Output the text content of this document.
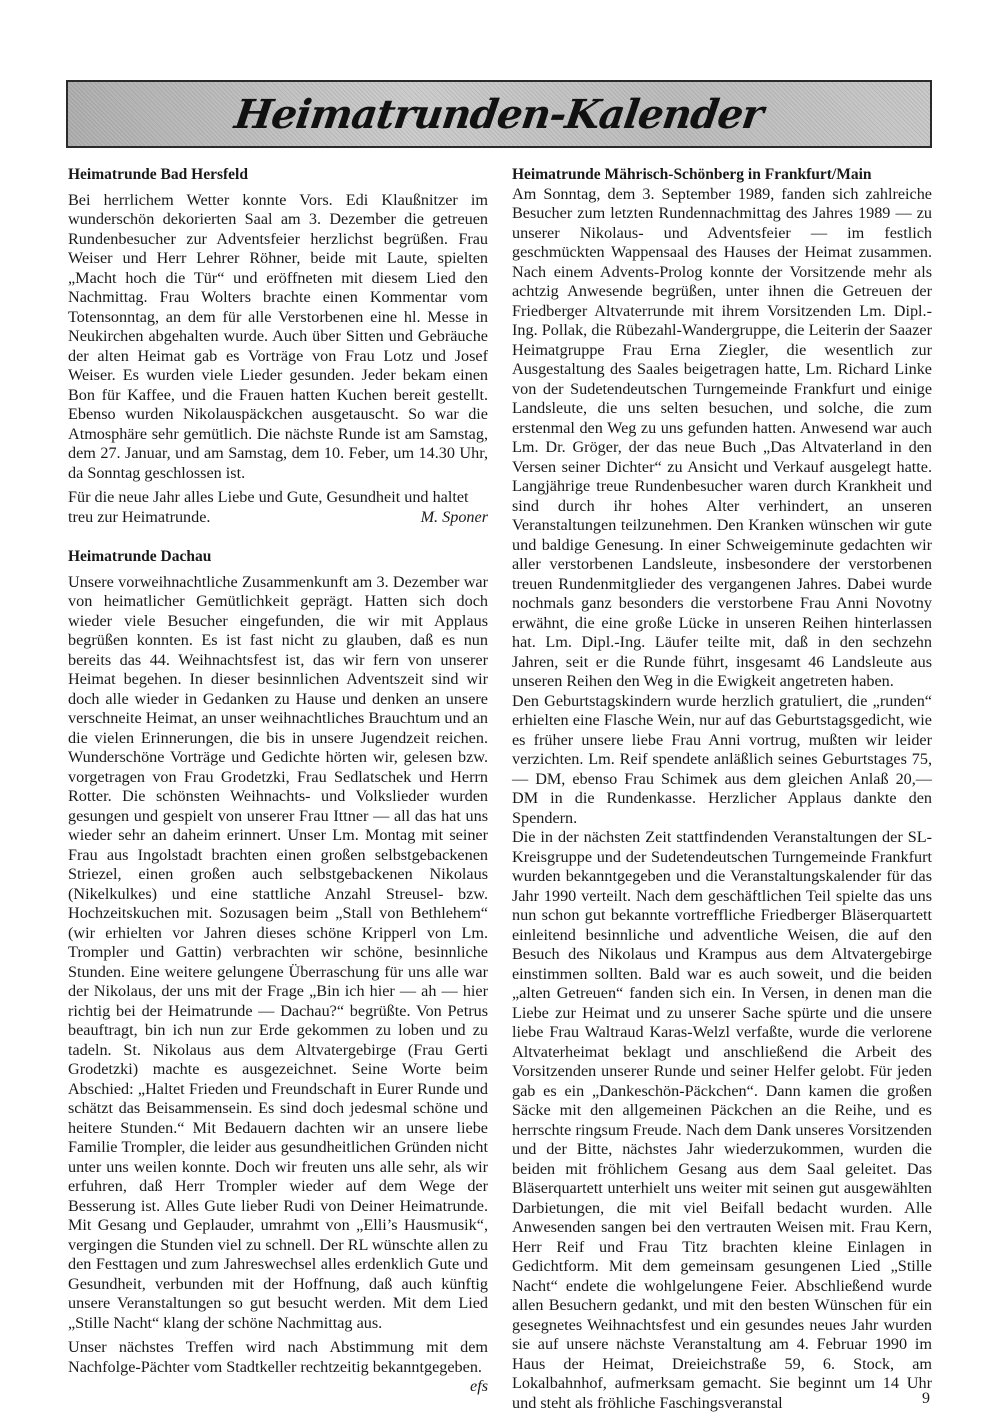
Heimatrunden-Kalender
Heimatrunde Bad Hersfeld

Bei herrlichem Wetter konnte Vors. Edi Klaußnitzer im wunderschön dekorierten Saal am 3. Dezember die getreuen Rundenbesucher zur Adventsfeier herzlichst begrüßen. Frau Weiser und Herr Lehrer Röhner, beide mit Laute, spielten „Macht hoch die Tür“ und eröffneten mit diesem Lied den Nachmittag. Frau Wolters brachte einen Kommentar vom Totensonntag, an dem für alle Verstorbenen eine hl. Messe in Neukirchen abgehalten wurde. Auch über Sitten und Gebräuche der alten Heimat gab es Vorträge von Frau Lotz und Josef Weiser. Es wurden viele Lieder gesunden. Jeder bekam einen Bon für Kaffee, und die Frauen hatten Kuchen bereit gestellt. Ebenso wurden Nikolauspäckchen ausgetauscht. So war die Atmosphäre sehr gemütlich. Die nächste Runde ist am Samstag, dem 27. Januar, und am Samstag, dem 10. Feber, um 14.30 Uhr, da Sonntag geschlossen ist.

Für die neue Jahr alles Liebe und Gute, Gesundheit und haltet

treu zur Heimatrunde.	M. Sponer
Heimatrunde Dachau

Unsere vorweihnachtliche Zusammenkunft am 3. Dezember war von heimatlicher Gemütlichkeit geprägt. Hatten sich doch wieder viele Besucher eingefunden, die wir mit Applaus begrüßen konnten. Es ist fast nicht zu glauben, daß es nun bereits das 44. Weihnachtsfest ist, das wir fern von unserer Heimat begehen. In dieser besinnlichen Adventszeit sind wir doch alle wieder in Gedanken zu Hause und denken an unsere verschneite Heimat, an unser weihnachtliches Brauchtum und an die vielen Erinnerungen, die bis in unsere Jugendzeit reichen. Wunderschöne Vorträge und Gedichte hörten wir, gelesen bzw. vorgetragen von Frau Grodetzki, Frau Sedlatschek und Herrn Rotter. Die schönsten Weihnachts- und Volkslieder wurden gesungen und gespielt von unserer Frau Ittner — all das hat uns wieder sehr an daheim erinnert. Unser Lm. Montag mit seiner Frau aus Ingolstadt brachten einen großen selbstgebackenen Striezel, einen großen auch selbstgebackenen Nikolaus (Nikelkulkes) und eine stattliche Anzahl Streusel- bzw. Hochzeitskuchen mit. Sozusagen beim „Stall von Bethlehem“ (wir erhielten vor Jahren dieses schöne Kripperl von Lm. Trompler und Gattin) verbrachten wir schöne, besinnliche Stunden. Eine weitere gelungene Überraschung für uns alle war der Nikolaus, der uns mit der Frage „Bin ich hier — ah — hier richtig bei der Heimatrunde — Dachau?“ begrüßte. Von Petrus beauftragt, bin ich nun zur Erde gekommen zu loben und zu tadeln. St. Nikolaus aus dem Altvatergebirge (Frau Gerti Grodetzki) machte es ausgezeichnet. Seine Worte beim Abschied: „Haltet Frieden und Freundschaft in Eurer Runde und schätzt das Beisammensein. Es sind doch jedesmal schöne und heitere Stunden.“ Mit Bedauern dachten wir an unsere liebe Familie Trompler, die leider aus gesundheitlichen Gründen nicht unter uns weilen konnte. Doch wir freuten uns alle sehr, als wir erfuhren, daß Herr Trompler wieder auf dem Wege der Besserung ist. Alles Gute lieber Rudi von Deiner Heimatrunde. Mit Gesang und Geplauder, umrahmt von „Elli’s Hausmusik“, vergingen die Stunden viel zu schnell. Der RL wünschte allen zu den Festtagen und zum Jahreswechsel alles erdenklich Gute und Gesundheit, verbunden mit der Hoffnung, daß auch künftig unsere Veranstaltungen so gut besucht werden. Mit dem Lied „Stille Nacht“ klang der schöne Nachmittag aus.

Unser nächstes Treffen wird nach Abstimmung mit dem Nachfolge-Pächter vom Stadtkeller rechtzeitig bekanntgegeben.

efs
Heimatrunde Mährisch-Schönberg in Frankfurt/Main

Am Sonntag, dem 3. September 1989, fanden sich zahlreiche Besucher zum letzten Rundennachmittag des Jahres 1989 — zu unserer Nikolaus- und Adventsfeier — im festlich geschmückten Wappensaal des Hauses der Heimat zusammen. Nach einem Advents-Prolog konnte der Vorsitzende mehr als achtzig Anwesende begrüßen, unter ihnen die Getreuen der Friedberger Altvaterrunde mit ihrem Vorsitzenden Lm. Dipl.-Ing. Pollak, die Rübezahl-Wandergruppe, die Leiterin der Saazer Heimatgruppe Frau Erna Ziegler, die wesentlich zur Ausgestaltung des Saales beigetragen hatte, Lm. Richard Linke von der Sudetendeutschen Turngemeinde Frankfurt und einige Landsleute, die uns selten besuchen, und solche, die zum erstenmal den Weg zu uns gefunden hatten. Anwesend war auch Lm. Dr. Gröger, der das neue Buch „Das Altvaterland in den Versen seiner Dichter“ zu Ansicht und Verkauf ausgelegt hatte. Langjährige treue Rundenbesucher waren durch Krankheit und sind durch ihr hohes Alter verhindert, an unseren Veranstaltungen teilzunehmen. Den Kranken wünschen wir gute und baldige Genesung. In einer Schweigeminute gedachten wir aller verstorbenen Landsleute, insbesondere der verstorbenen treuen Rundenmitglieder des vergangenen Jahres. Dabei wurde nochmals ganz besonders die verstorbene Frau Anni Novotny erwähnt, die eine große Lücke in unseren Reihen hinterlassen hat. Lm. Dipl.-Ing. Läufer teilte mit, daß in den sechzehn Jahren, seit er die Runde führt, insgesamt 46 Landsleute aus unseren Reihen den Weg in die Ewigkeit angetreten haben.

Den Geburtstagskindern wurde herzlich gratuliert, die „runden“ erhielten eine Flasche Wein, nur auf das Geburtstagsgedicht, wie es früher unsere liebe Frau Anni vortrug, mußten wir leider verzichten. Lm. Reif spendete anläßlich seines Geburtstages 75,— DM, ebenso Frau Schimek aus dem gleichen Anlaß 20,— DM in die Rundenkasse. Herzlicher Applaus dankte den Spendern.

Die in der nächsten Zeit stattfindenden Veranstaltungen der SL-Kreisgruppe und der Sudetendeutschen Turngemeinde Frankfurt wurden bekanntgegeben und die Veranstaltungskalender für das Jahr 1990 verteilt. Nach dem geschäftlichen Teil spielte das uns nun schon gut bekannte vortreffliche Friedberger Bläserquartett einleitend besinnliche und adventliche Weisen, die auf den Besuch des Nikolaus und Krampus aus dem Altvatergebirge einstimmen sollten. Bald war es auch soweit, und die beiden „alten Getreuen“ fanden sich ein. In Versen, in denen man die Liebe zur Heimat und zu unserer Sache spürte und die unsere liebe Frau Waltraud Karas-Welzl verfaßte, wurde die verlorene Altvaterheimat beklagt und anschließend die Arbeit des Vorsitzenden unserer Runde und seiner Helfer gelobt. Für jeden gab es ein „Dankeschön-Päckchen“. Dann kamen die großen Säcke mit den allgemeinen Päckchen an die Reihe, und es herrschte ringsum Freude. Nach dem Dank unseres Vorsitzenden und der Bitte, nächstes Jahr wiederzukommen, wurden die beiden mit fröhlichem Gesang aus dem Saal geleitet. Das Bläserquartett unterhielt uns weiter mit seinen gut ausgewählten Darbietungen, die mit viel Beifall bedacht wurden. Alle Anwesenden sangen bei den vertrauten Weisen mit. Frau Kern, Herr Reif und Frau Titz brachten kleine Einlagen in Gedichtform. Mit dem gemeinsam gesungenen Lied „Stille Nacht“ endete die wohlgelungene Feier. Abschließend wurde allen Besuchern gedankt, und mit den besten Wünschen für ein gesegnetes Weihnachtsfest und ein gesundes neues Jahr wurden sie auf unsere nächste Veranstaltung am 4. Februar 1990 im Haus der Heimat, Dreieichstraße 59, 6. Stock, am Lokalbahnhof, aufmerksam gemacht. Sie beginnt um 14 Uhr und steht als fröhliche Faschingsveranstal	9
